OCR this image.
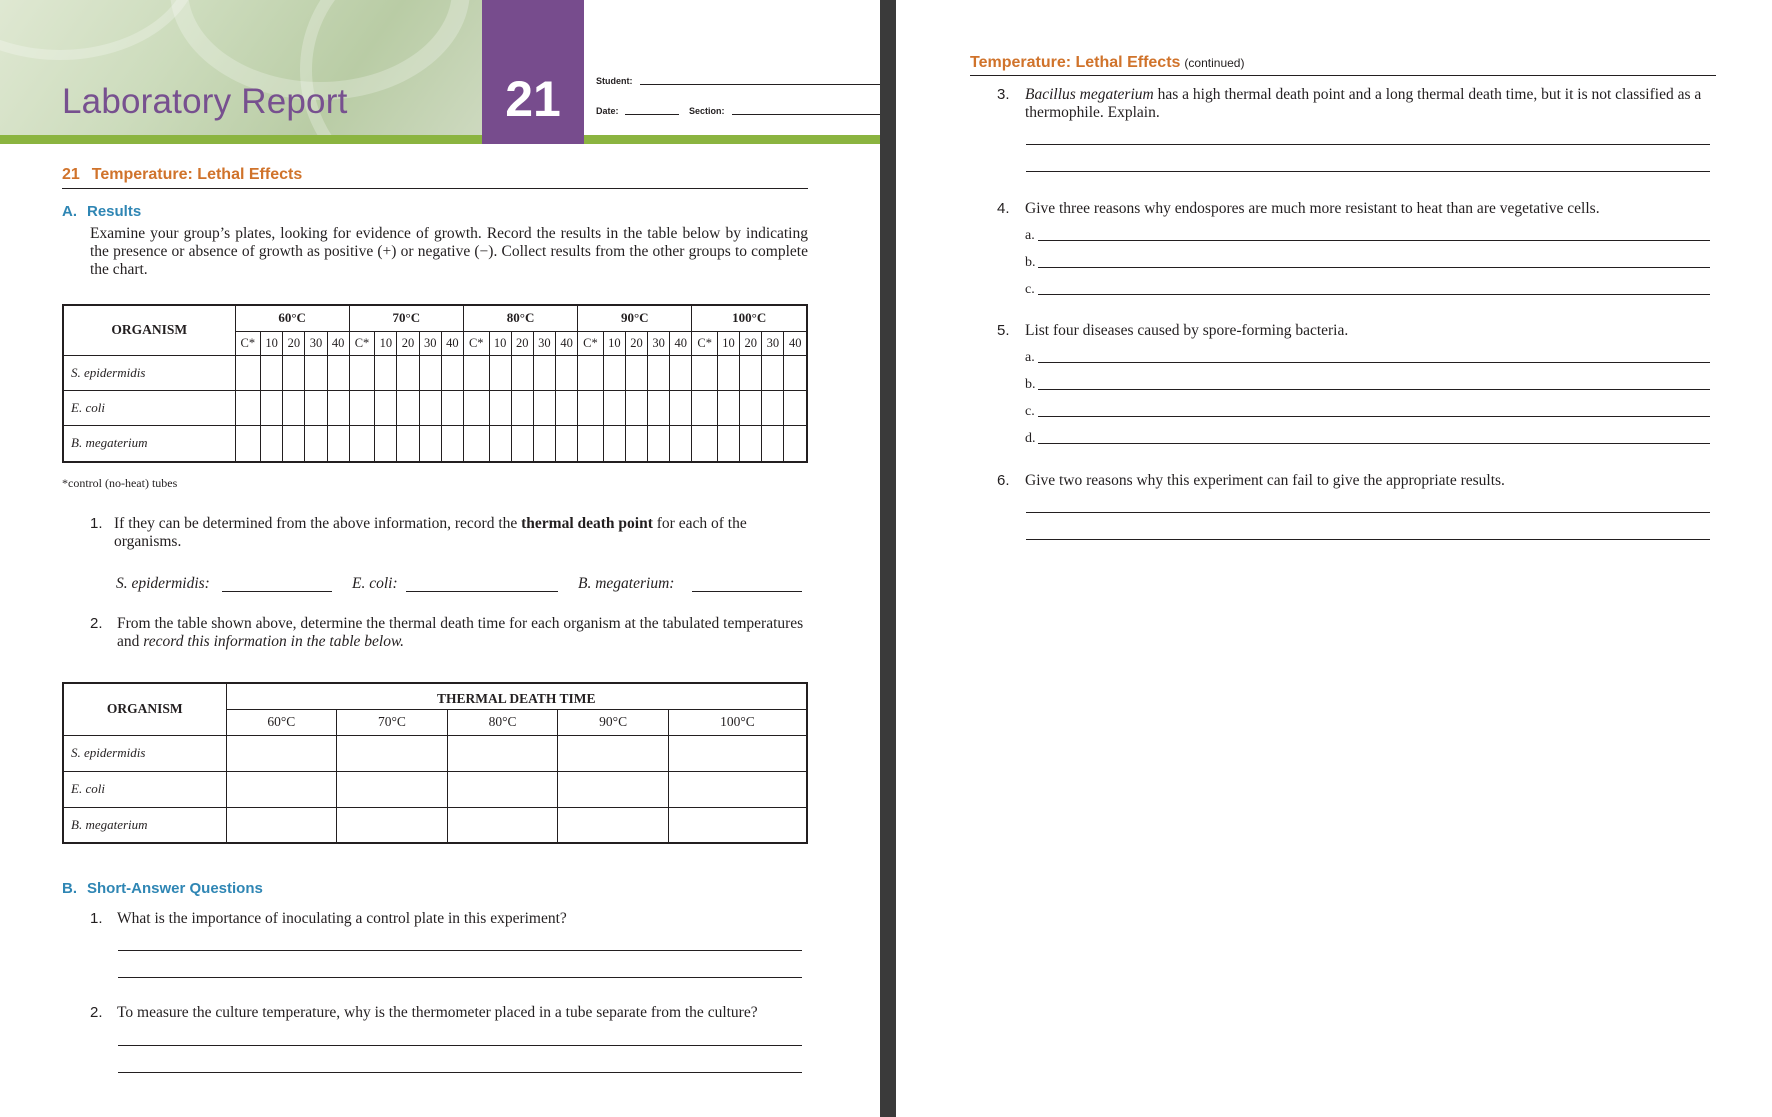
Laboratory Report	21	Student:
Date:	Section:
21 Temperature: Lethal Effects
A. Results
Examine your group’s plates, looking for evidence of growth. Record the results in the table below by indicating the presence or absence of growth as positive (+) or negative (−). Collect results from the other groups to complete the chart.
ORGANISM	60°C					70°C					80°C					90°C					100°C				
	C*	10	20	30	40	C*	10	20	30	40	C*	10	20	30	40	C*	10	20	30	40	C*	10	20	30	40
S. epidermidis																									
E. coli																									
B. megaterium																									
*control (no-heat) tubes
1. If they can be determined from the above information, record the thermal death point for each of the organisms.
S. epidermidis:	E. coli:	B. megaterium:
2. From the table shown above, determine the thermal death time for each organism at the tabulated temperatures and record this information in the table below.
ORGANISM	THERMAL DEATH TIME				
	60°C	70°C	80°C	90°C	100°C
S. epidermidis					
E. coli					
B. megaterium					
B. Short-Answer Questions
1. What is the importance of inoculating a control plate in this experiment?
2. To measure the culture temperature, why is the thermometer placed in a tube separate from the culture?
Temperature: Lethal Effects (continued)
3. Bacillus megaterium has a high thermal death point and a long thermal death time, but it is not classified as a thermophile. Explain.
4. Give three reasons why endospores are much more resistant to heat than are vegetative cells.
a.
b.
c.
5. List four diseases caused by spore-forming bacteria.
a.
b.
c.
d.
6. Give two reasons why this experiment can fail to give the appropriate results.
